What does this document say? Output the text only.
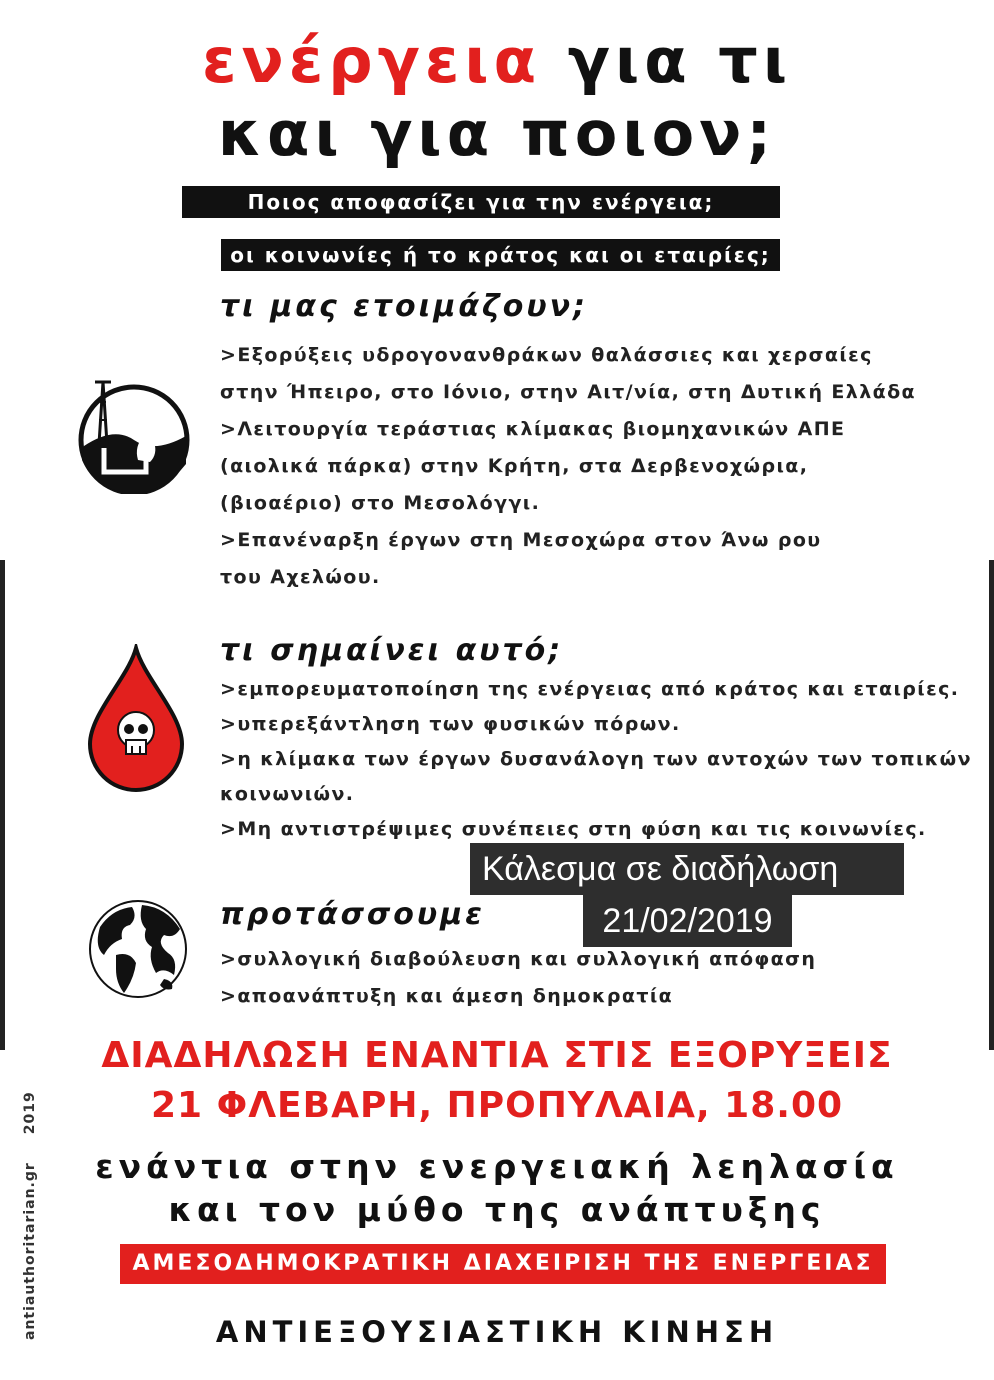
ενέργεια για τι
και για ποιον;
Ποιος αποφασίζει για την ενέργεια;
οι κοινωνίες ή το κράτος και οι εταιρίες;
τι μας ετοιμάζουν;
>Εξορύξεις υδρογονανθράκων θαλάσσιες και χερσαίες
στην Ήπειρο, στο Ιόνιο, στην Αιτ/νία, στη Δυτική Ελλάδα
>Λειτουργία τεράστιας κλίμακας βιομηχανικών ΑΠΕ
(αιολικά πάρκα) στην Κρήτη, στα Δερβενοχώρια,
(βιοαέριο) στο Μεσολόγγι.
>Επανέναρξη έργων στη Μεσοχώρα στον Άνω ρου
του Αχελώου.
τι σημαίνει αυτό;
>εμπορευματοποίηση της ενέργειας από κράτος και εταιρίες.
>υπερεξάντληση των φυσικών πόρων.
>η κλίμακα των έργων δυσανάλογη των αντοχών των τοπικών
κοινωνιών.
>Μη αντιστρέψιμες συνέπειες στη φύση και τις κοινωνίες.
προτάσσουμε
>συλλογική διαβούλευση και συλλογική απόφαση
>αποανάπτυξη και άμεση δημοκρατία
Κάλεσμα σε διαδήλωση
21/02/2019
ΔΙΑΔΗΛΩΣΗ ΕΝΑΝΤΙΑ ΣΤΙΣ ΕΞΟΡΥΞΕΙΣ
21 ΦΛΕΒΑΡΗ, ΠΡΟΠΥΛΑΙΑ, 18.00
ενάντια στην ενεργειακή λεηλασία
και τον μύθο της ανάπτυξης
ΑΜΕΣΟΔΗΜΟΚΡΑΤΙΚΗ ΔΙΑΧΕΙΡΙΣΗ ΤΗΣ ΕΝΕΡΓΕΙΑΣ
ΑΝΤΙΕΞΟΥΣΙΑΣΤΙΚΗ ΚΙΝΗΣΗ
antiauthoritarian.gr2019
